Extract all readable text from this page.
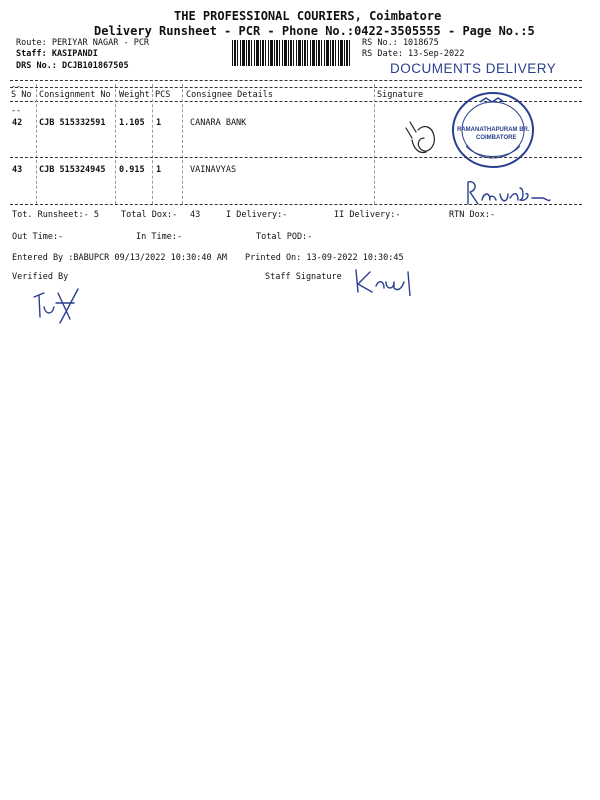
THE PROFESSIONAL COURIERS, Coimbatore
Delivery Runsheet - PCR - Phone No.:0422-3505555 - Page No.:5
Route: PERIYAR NAGAR - PCR
Staff: KASIPANDI
DRS No.: DCJB101867505
RS No.: 1018675
RS Date: 13-Sep-2022
DOCUMENTS DELIVERY
--
S No Consignment No Weight PCS Consignee Details	Signature
--
42 CJB 515332591 1.105 1	CANARA BANK
RAMANATHAPURAM BR.
COIMBATORE
43 CJB 515324945 0.915 1	VAINAVYAS
Tot. Runsheet:- 5	Total Dox:- 43	I Delivery:-	II Delivery:-	RTN Dox:-
Out Time:-	In Time:-	Total POD:-
Entered By :BABUPCR 09/13/2022 10:30:40 AM Printed On: 13-09-2022 10:30:45
Verified By	Staff Signature
